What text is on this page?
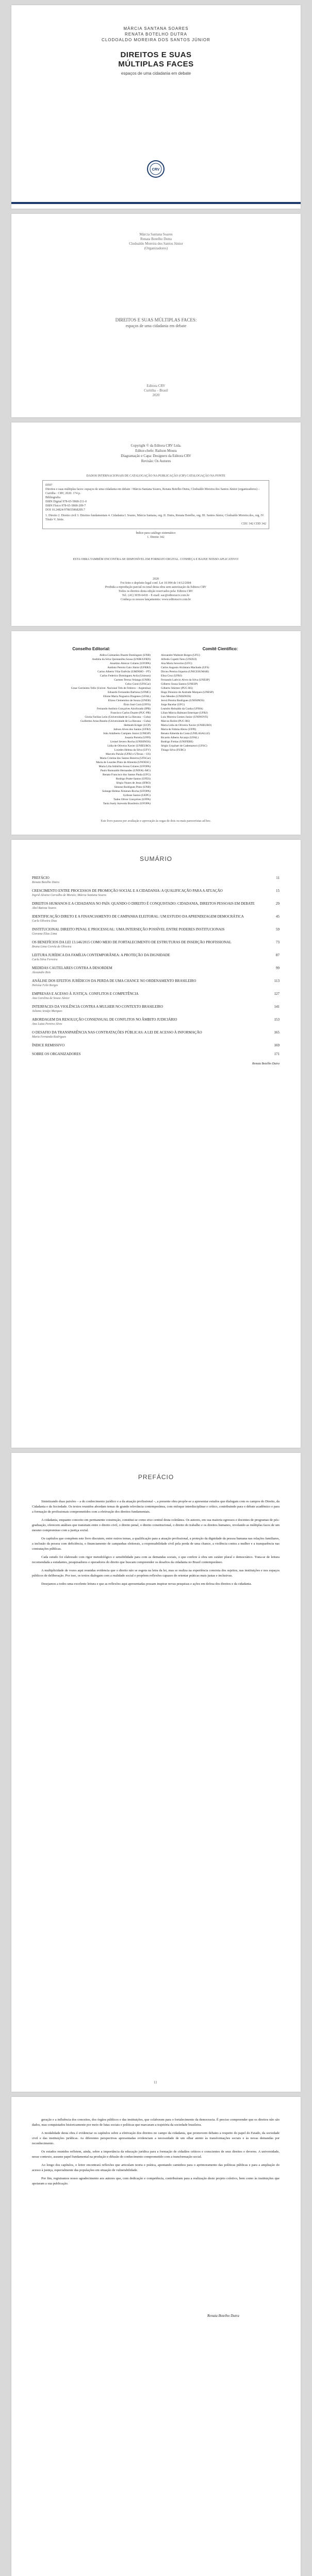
MÁRCIA SANTANA SOARES
RENATA BOTELHO DUTRA
CLODOALDO MOREIRA DOS SANTOS JÚNIOR
DIREITOS E SUAS
MÚLTIPLAS FACES
espaços de uma cidadania em debate
CRV
Márcia Santana Soares
Renata Botelho Dutra
Clodoaldo Moreira dos Santos Júnior
(Organizadores)
DIREITOS E SUAS MÚLTIPLAS FACES:
espaços de uma cidadania em debate
Editora CRV
Curitiba – Brasil
2020
Copyright © da Editora CRV Ltda.
Editor-chefe: Railson Moura
Diagramação e Capa: Designers da Editora CRV
Revisão: Os Autores
DADOS INTERNACIONAIS DE CATALOGAÇÃO NA PUBLICAÇÃO (CIP) CATALOGAÇÃO NA FONTE
D597
Direitos e suas múltiplas faces: espaços de uma cidadania em debate / Márcia Santana Soares, Renata Botelho Dutra, Clodoaldo Moreira dos Santos Júnior (organizadores) – Curitiba : CRV, 2020. 174 p.
Bibliografia
ISBN Digital 978-65-5868-211-0
ISBN Físico 978-65-5868-209-7
DOI 10.24824/978655868209.7
1. Direito 2. Direito civil 3. Direitos fundamentais 4. Cidadania I. Soares, Márcia Santana, org. II. Dutra, Renata Botelho, org. III. Santos Júnior, Clodoaldo Moreira dos, org. IV. Título V. Série.
CDU 342 CDD 342
Índice para catálogo sistemático
1. Direito 342
ESTA OBRA TAMBÉM ENCONTRA-SE DISPONÍVEL EM FORMATO DIGITAL. CONHEÇA E BAIXE NOSSO APLICATIVO!
2020
Foi feito o depósito legal conf. Lei 10.994 de 14/12/2004
Proibida a reprodução parcial ou total desta obra sem autorização da Editora CRV
Todos os direitos desta edição reservados pela: Editora CRV
Tel.: (41) 3039-6418 – E-mail: sac@editoracrv.com.br
Conheça os nossos lançamentos: www.editoracrv.com.br
Conselho Editorial:
Aldira Guimarães Duarte Domínguez (UNB)
Andréia da Silva Quintanilha Sousa (UNIR/UFRN)
Anselmo Alencar Colares (UFOPA)
Antônio Pereira Gaio Júnior (UFRRJ)
Carlos Alberto Vilar Estêvão (UMINHO – PT)
Carlos Federico Dominguez Avila (Unieuro)
Carmen Tereza Velanga (UNIR)
Celso Conti (UFSCar)
Cesar Gerónimo Tello (Univer. Nacional Três de Febrero – Argentina)
Eduardo Fernandes Barbosa (UFMG)
Elione Maria Nogueira Diogenes (UFAL)
Elizeu Clementino de Souza (UNEB)
Élsio José Corá (UFFS)
Fernando Antônio Gonçalves Alcoforado (IPB)
Francisco Carlos Duarte (PUC-PR)
Gloria Fariñas León (Universidade de La Havana – Cuba)
Guillermo Arias Beatón (Universidade de La Havana – Cuba)
Helmuth Krüger (UCP)
Jailson Alves dos Santos (UFRJ)
João Adalberto Campato Junior (UNESP)
Josania Portela (UFPI)
Leonel Severo Rocha (UNISINOS)
Lídia de Oliveira Xavier (UNIEURO)
Lourdes Helena da Silva (UFV)
Marcelo Paixão (UFRJ e UTexas – US)
Maria Cristina dos Santos Bezerra (UFSCar)
Maria de Lourdes Pinto de Almeida (UNOESC)
Maria Lília Imbiriba Sousa Colares (UFOPA)
Paulo Romualdo Hernandes (UNIFAL-MG)
Renato Francisco dos Santos Paula (UFG)
Rodrigo Pratte-Santos (UFES)
Sérgio Nunes de Jesus (IFRO)
Simone Rodrigues Pinto (UNB)
Solange Helena Ximenes-Rocha (UFOPA)
Sydione Santos (UEPG)
Tadeu Oliver Gonçalves (UFPA)
Tania Suely Azevedo Brasileiro (UFOPA)
Comitê Científico:
Alexandre Walmott Borges (UFU)
Alfredo Copetti Neto (UNIJUI)
Ana Maria Severino (UFG)
Carlos Augusto Alcântara Machado (UFS)
Dirceu Pereira Siqueira (UNICESUMAR)
Elisa Cruz (UFRJ)
Fernando Laércio Alves da Silva (UNESP)
Gilberto Sousa Santos (UNESP)
Gilberto Stürmer (PUC-RS)
Hugo Dionísio de Andrade Marques (UNESP)
Iran Mendes (UNISINOS)
Jeová Pereira Rodrigues (UNISINOS)
Jorge Bacelar (UFG)
Leandro Reinaldo da Cunha (UFBA)
Lílian Márcia Balmant Emerique (UFRJ)
Luiz Moreira Gomes Junior (UNINOVE)
Marcos Rolim (PUC-RS)
Maria Lidia de Oliveira Xavier (UNIEURO)
Maria de Fátima Abreu (UFPI)
Renata Almeida da Costa (UNILASALLE)
Ricardo Alberto Arcanjo (UFAL)
Rodrigo Freitas (UNIFEBE)
Sérgio Urquhart de Cademartori (UFSC)
Thiago Silva (FURG)
Este livro passou por avaliação e aprovação às cegas de dois ou mais pareceristas ad hoc.
SUMÁRIO
PREFÁCIO	11
Renata Botelho Dutra
CRESCIMENTO ENTRE PROCESSOS DE PROMOÇÃO SOCIAL E A CIDADANIA: A QUALIFICAÇÃO PARA A ATUAÇÃO	15
Ingrid Alvarez Carvalho de Morais; Márcia Santana Soares
DIREITOS HUMANOS E A CIDADANIA NO PAÍS: QUANDO O DIREITO É CONQUISTADO: CIDADANIA, DIREITOS PESSOAIS EM DEBATE	29
Abel Batista Soares
IDENTIFICAÇÃO DIRETO E A FINANCIAMENTO DE CAMPANHA ELEITORAL: UM ESTUDO DA APRENDIZAGEM DEMOCRÁTICA	45
Carla Oliveira Dias
INSTITUCIONAL DIREITO PENAL E PROCESSUAL: UMA INTERSEÇÃO POSSÍVEL ENTRE PODERES INSTITUCIONAIS	59
Giovana Elias Lima
OS BENEFÍCIOS DA LEI 13.146/2015 COMO MEIO DE FORTALECIMENTO DE ESTRUTURAS DE INSERÇÃO PROFISSIONAL	73
Bruna Lima Corrêa de Oliveira
LEITURA JURÍDICA DA FAMÍLIA CONTEMPORÂNEA: A PROTEÇÃO DA DIGNIDADE	87
Carla Silva Ferreira
MEDIDAS CAUTELARES CONTRA A DESORDEM	99
Alexandre Reis
ANÁLISE DOS EFEITOS JURÍDICOS DA PERDA DE UMA CHANCE NO ORDENAMENTO BRASILEIRO	113
Heloísa Feliz Borges
EMPRESAS E ACESSO À JUSTIÇA: CONFLITOS E COMPETÊNCIA	127
Ana Carolina de Souza Júnior
INTERFACES DA VIOLÊNCIA CONTRA A MULHER NO CONTEXTO BRASILEIRO	141
Juliana Araújo Marques
ABORDAGEM DA RESOLUÇÃO CONSENSUAL DE CONFLITOS NO ÂMBITO JUDICIÁRIO	153
Ana Luiza Pereira Alves
O DESAFIO DA TRANSPARÊNCIA NAS CONTRATAÇÕES PÚBLICAS: A LEI DE ACESSO À INFORMAÇÃO	165
Maria Fernanda Rodrigues
ÍNDICE REMISSIVO	169
SOBRE OS ORGANIZADORES	171
Renata Botelho Dutra
PREFÁCIO

Sintetizando duas paixões – a do conhecimento jurídico e a da atuação profissional –, a presente obra propõe-se a apresentar estudos que dialogam com os campos do Direito, da Cidadania e da Sociedade. Os textos reunidos abordam temas de grande relevância contemporânea, com enfoque interdisciplinar e crítico, contribuindo para o debate acadêmico e para a formação de profissionais comprometidos com a efetivação dos direitos fundamentais.

A cidadania, enquanto conceito em permanente construção, constitui-se como eixo central desta coletânea. Os autores, em sua maioria egressos e docentes de programas de pós-graduação, oferecem análises que transitam entre o direito civil, o direito penal, o direito constitucional, o direito do trabalho e os direitos humanos, revelando as múltiplas faces de um mesmo compromisso com a justiça social.

Os capítulos que compõem este livro discutem, entre outros temas, a qualificação para a atuação profissional, a proteção da dignidade da pessoa humana nas relações familiares, a inclusão da pessoa com deficiência, o financiamento de campanhas eleitorais, a responsabilidade civil pela perda de uma chance, a violência contra a mulher e a transparência nas contratações públicas.

Cada estudo foi elaborado com rigor metodológico e sensibilidade para com as demandas sociais, o que confere à obra um caráter plural e democrático. Trata-se de leitura recomendada a estudantes, pesquisadores e operadores do direito que buscam compreender os desafios da cidadania no Brasil contemporâneo.

A multiplicidade de vozes aqui reunidas evidencia que o direito não se esgota na letra da lei, mas se realiza na experiência concreta dos sujeitos, nas instituições e nos espaços públicos de deliberação. Por isso, os textos dialogam com a realidade social e propõem reflexões capazes de orientar práticas mais justas e inclusivas.

Desejamos a todos uma excelente leitura e que as reflexões aqui apresentadas possam inspirar novas pesquisas e ações em defesa dos direitos e da cidadania.

11

geração e a influência dos conceitos, dos órgãos públicos e das instituições, que colaboram para o fortalecimento da democracia. É preciso compreender que os direitos não são dados, mas conquistados historicamente por meio de lutas sociais e políticas que marcaram a trajetória da sociedade brasileira.

A modalidade desta obra é evidenciar os capítulos sobre a efetivação dos direitos no campo da cidadania, que promovem debates a respeito do papel do Estado, da sociedade civil e das instituições jurídicas. As diferentes perspectivas apresentadas evidenciam a necessidade de um olhar atento às transformações sociais e às novas demandas por reconhecimento.

Os estudos reunidos refletem, ainda, sobre a importância da educação jurídica para a formação de cidadãos críticos e conscientes de seus direitos e deveres. A universidade, nesse contexto, assume papel fundamental na produção e difusão do conhecimento comprometido com a transformação social.

Ao longo dos capítulos, o leitor encontrará reflexões que articulam teoria e prática, apontando caminhos para o aprimoramento das políticas públicas e para a ampliação do acesso à justiça, especialmente das populações em situação de vulnerabilidade.

Por fim, registramos nosso agradecimento aos autores que, com dedicação e competência, contribuíram para a realização deste projeto coletivo, bem como às instituições que apoiaram a sua publicação.

Renata Botelho Dutra
